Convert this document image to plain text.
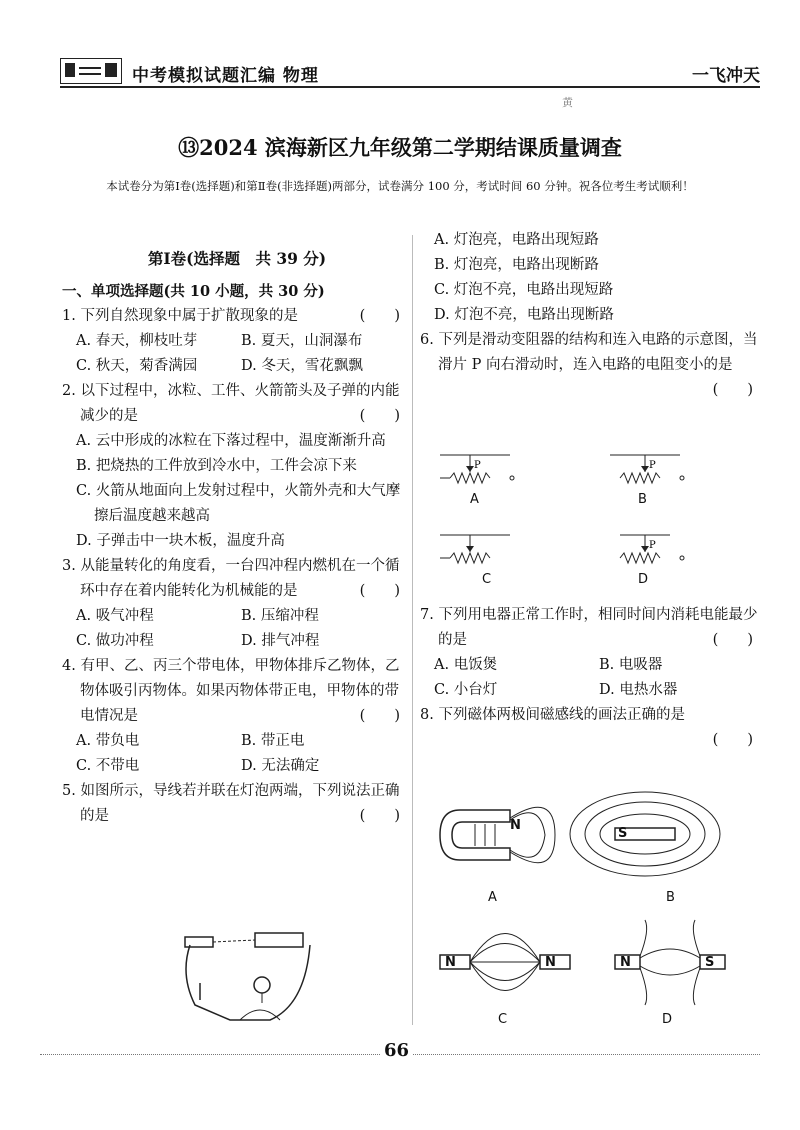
中考模拟试题汇编 物理	一飞冲天
黄
⑬2024 滨海新区九年级第二学期结课质量调查
本试卷分为第Ⅰ卷(选择题)和第Ⅱ卷(非选择题)两部分，试卷满分 100 分，考试时间 60 分钟。祝各位考生考试顺利！

第Ⅰ卷(选择题　共 39 分)

一、单项选择题(共 10 小题，共 30 分)

1. 下列自然现象中属于扩散现象的是	(　　)

A. 春天，柳枝吐芽	B. 夏天，山洞瀑布
C. 秋天，菊香满园	D. 冬天，雪花飘飘

2. 以下过程中，冰粒、工件、火箭箭头及子弹的内能减少的是	(　　)

A. 云中形成的冰粒在下落过程中，温度渐渐升高

B. 把烧热的工件放到冷水中，工件会凉下来

C. 火箭从地面向上发射过程中，火箭外壳和大气摩擦后温度越来越高

D. 子弹击中一块木板，温度升高

3. 从能量转化的角度看，一台四冲程内燃机在一个循环中存在着内能转化为机械能的是	(　　)

A. 吸气冲程	B. 压缩冲程
C. 做功冲程	D. 排气冲程

4. 有甲、乙、丙三个带电体，甲物体排斥乙物体，乙物体吸引丙物体。如果丙物体带正电，甲物体的带电情况是	(　　)

A. 带负电	B. 带正电
C. 不带电	D. 无法确定

5. 如图所示，导线若并联在灯泡两端，下列说法正确的是	(　　)

A. 灯泡亮，电路出现短路

B. 灯泡亮，电路出现断路

C. 灯泡不亮，电路出现短路

D. 灯泡不亮，电路出现断路

6. 下列是滑动变阻器的结构和连入电路的示意图，当滑片 P 向右滑动时，连入电路的电阻变小的是
(　　)

P	P
P
A	B
C	D

7. 下列用电器正常工作时，相同时间内消耗电能最少的是	(　　)

A. 电饭煲	B. 电吸器
C. 小台灯	D. 电热水器

8. 下列磁体两极间磁感线的画法正确的是

(　　)

N
S
N	N	N	S
A	B
C	D
66
